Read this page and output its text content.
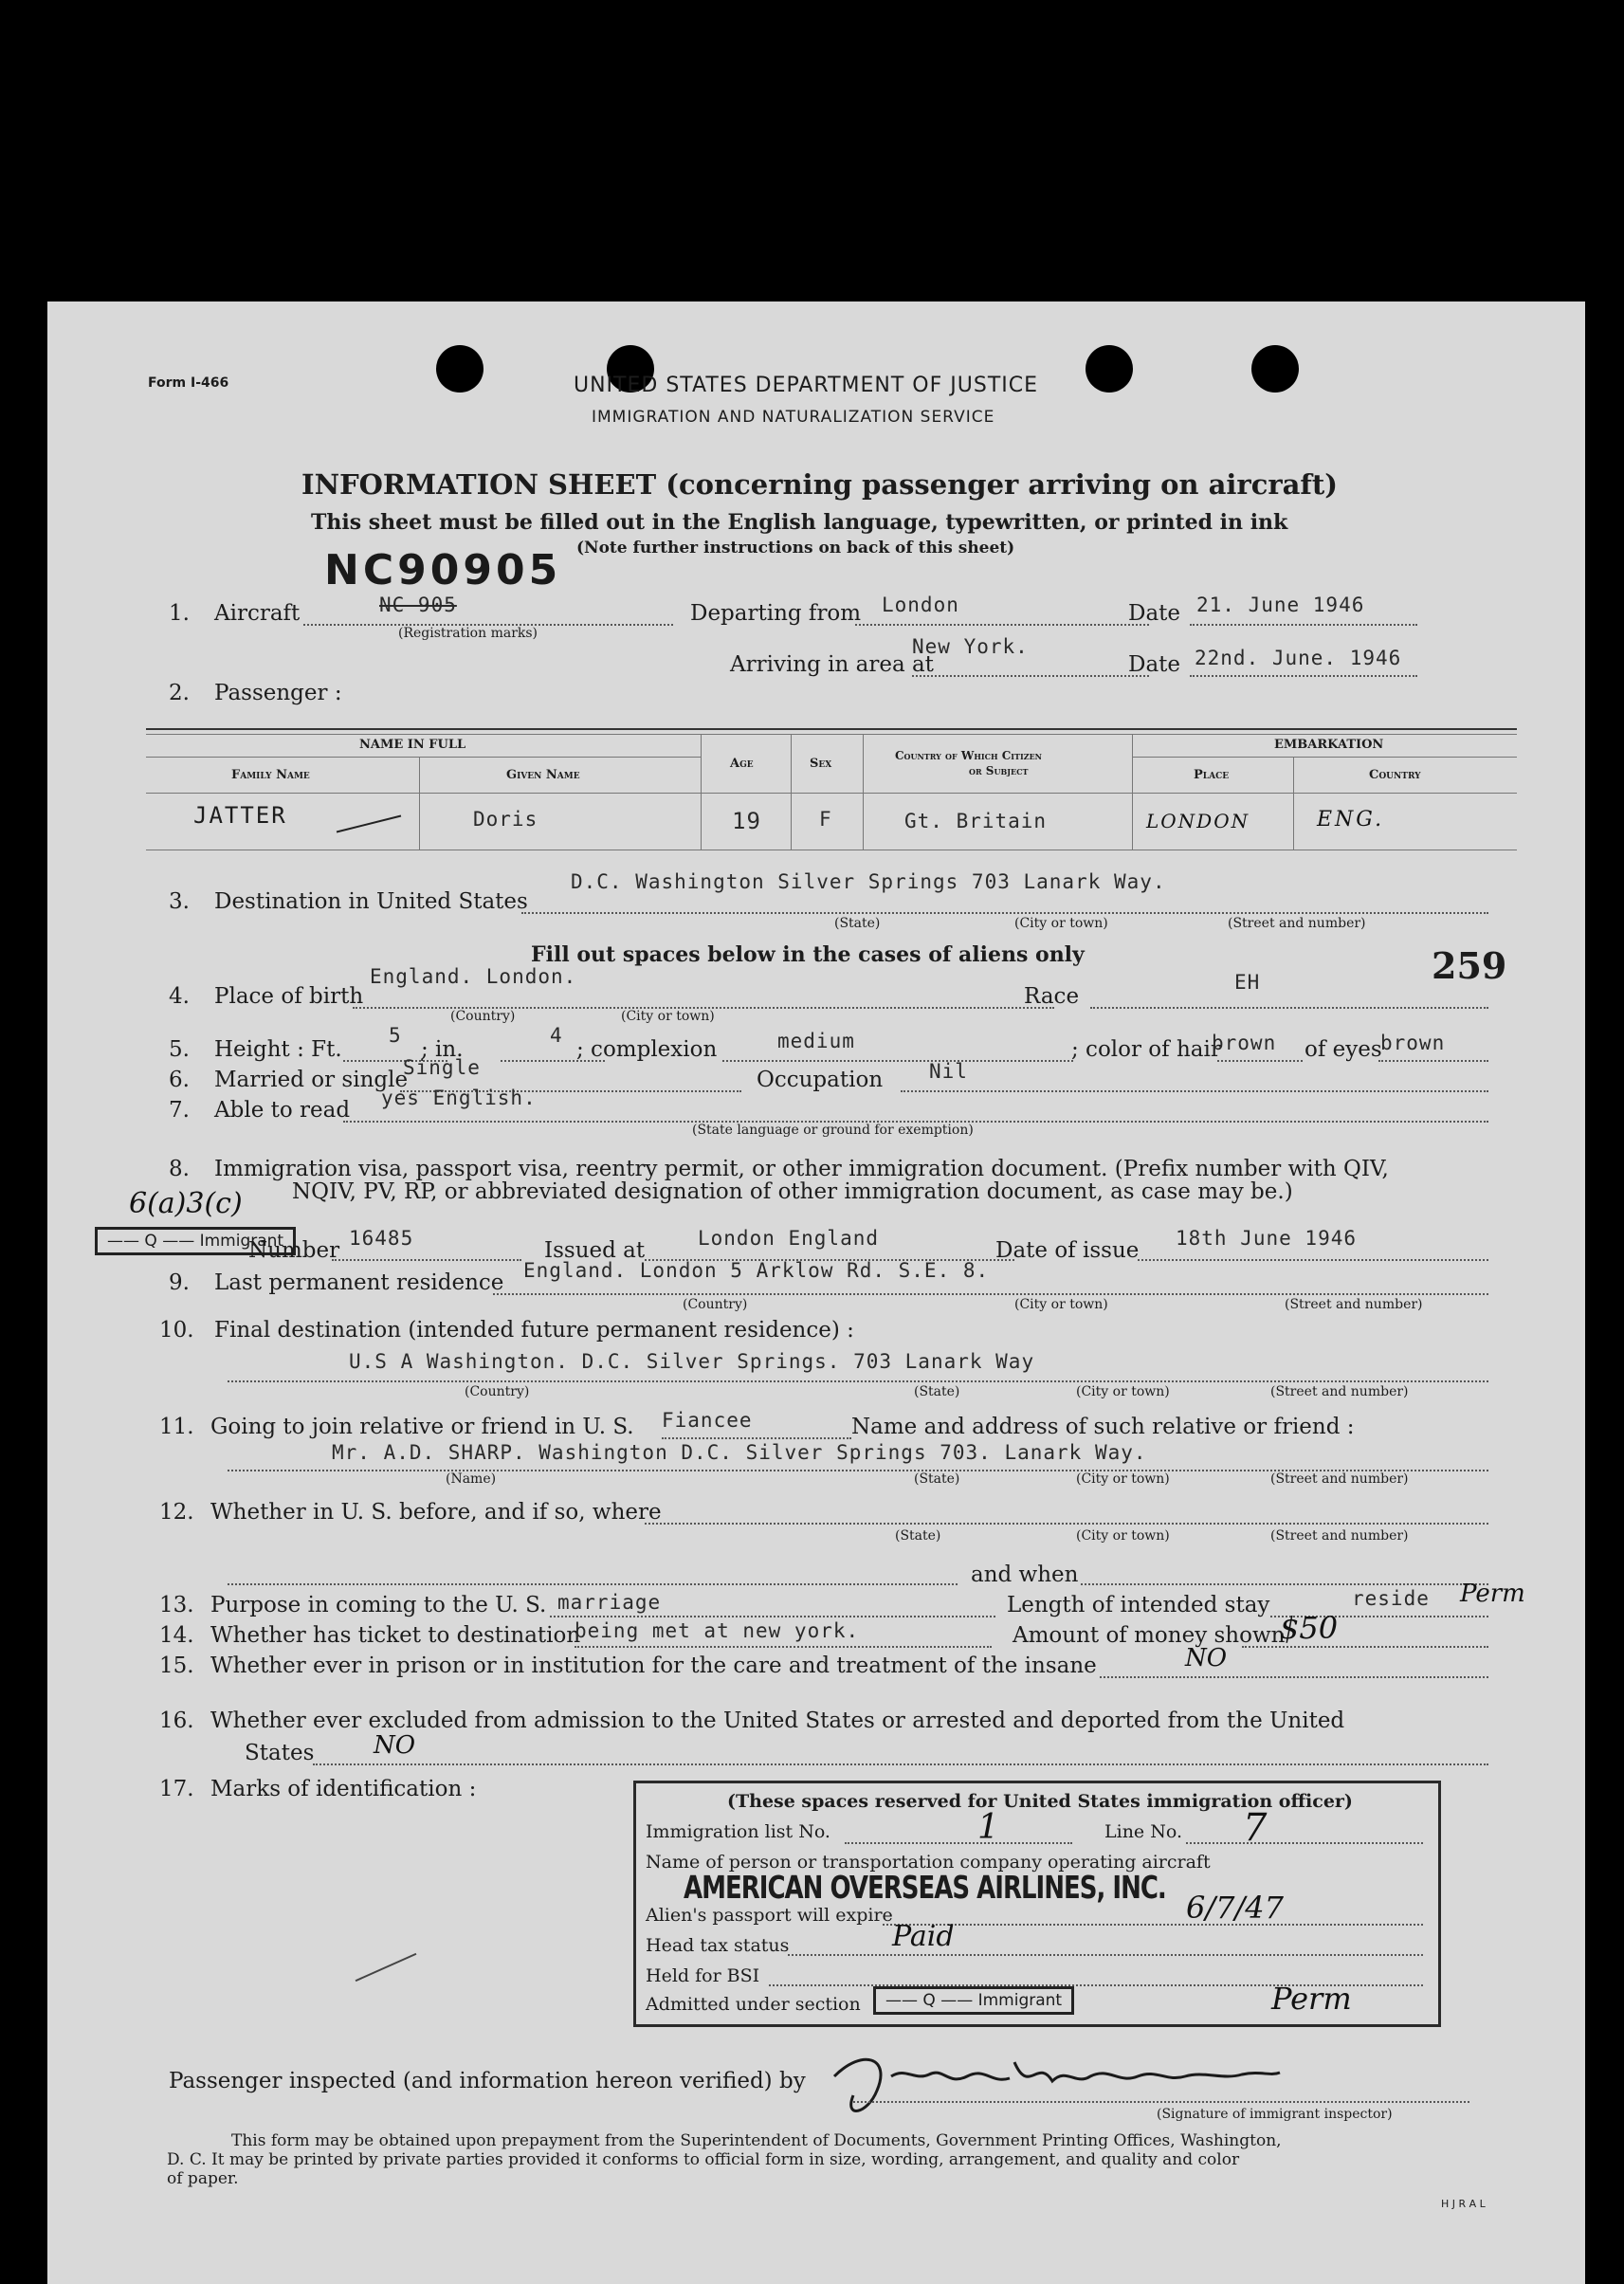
Form I-466	UNITED STATES DEPARTMENT OF JUSTICE
IMMIGRATION AND NATURALIZATION SERVICE
INFORMATION SHEET (concerning passenger arriving on aircraft)
This sheet must be filled out in the English language, typewritten, or printed in ink
(Note further instructions on back of this sheet)
NC90905
259
1. Aircraft	NC 905
(Registration marks)
Departing from London	Date 21. June 1946
Arriving in area at
New York.
Date 22nd. June. 1946
2. Passenger :
NAME IN FULL
Family Name	Given Name
Age	Sex
Country of Which Citizen
or Subject
EMBARKATION
Place	Country
JATTER	Doris	19	F	Gt. Britain	LONDON	ENG.
3. Destination in United States
D.C. Washington Silver Springs 703 Lanark Way.
(State)	(City or town)	(Street and number)
Fill out spaces below in the cases of aliens only
4. Place of birth
England. London.
(Country)	(City or town)
Race
EH
5. Height : Ft.
5
; in.
4
; complexion	medium	; color of hair
brown of eyes
brown
6. Married or single
Single	Occupation Nil
7. Able to read yes English.
(State language or ground for exemption)
8. Immigration visa, passport visa, reentry permit, or other immigration document. (Prefix number with QIV,
NQIV, PV, RP, or abbreviated designation of other immigration document, as case may be.)
6(a)3(c)
—— Q —— Immigrant
Number 16485	Issued at	London England	Date of issue 18th June 1946
9. Last permanent residence England. London 5 Arklow Rd. S.E. 8.
(Country)	(City or town)	(Street and number)
10. Final destination (intended future permanent residence) :
U.S A Washington. D.C. Silver Springs. 703 Lanark Way
(Country)	(State)	(City or town)	(Street and number)
11. Going to join relative or friend in U. S. Fiancee	Name and address of such relative or friend :
Mr. A.D. SHARP. Washington D.C. Silver Springs 703. Lanark Way.
(Name)	(State)	(City or town)	(Street and number)
12. Whether in U. S. before, and if so, where
(State)	(City or town)	(Street and number)
and when
13. Purpose in coming to the U. S. marriage	Length of intended stay	reside Perm
14. Whether has ticket to destination
being met at new york.	Amount of money shown
$50
15. Whether ever in prison or in institution for the care and treatment of the insane	NO
16. Whether ever excluded from admission to the United States or arrested and deported from the United
States NO
17. Marks of identification :	(These spaces reserved for United States immigration officer)
Immigration list No.	1	Line No. 7
Name of person or transportation company operating aircraft
AMERICAN OVERSEAS AIRLINES, INC.
Alien's passport will expire	6/7/47
Head tax status	Paid
Held for BSI
Admitted under section	—— Q —— Immigrant	Perm
Passenger inspected (and information hereon verified) by
(Signature of immigrant inspector)
This form may be obtained upon prepayment from the Superintendent of Documents, Government Printing Offices, Washington,
D. C. It may be printed by private parties provided it conforms to official form in size, wording, arrangement, and quality and color
of paper.
H J R A L
